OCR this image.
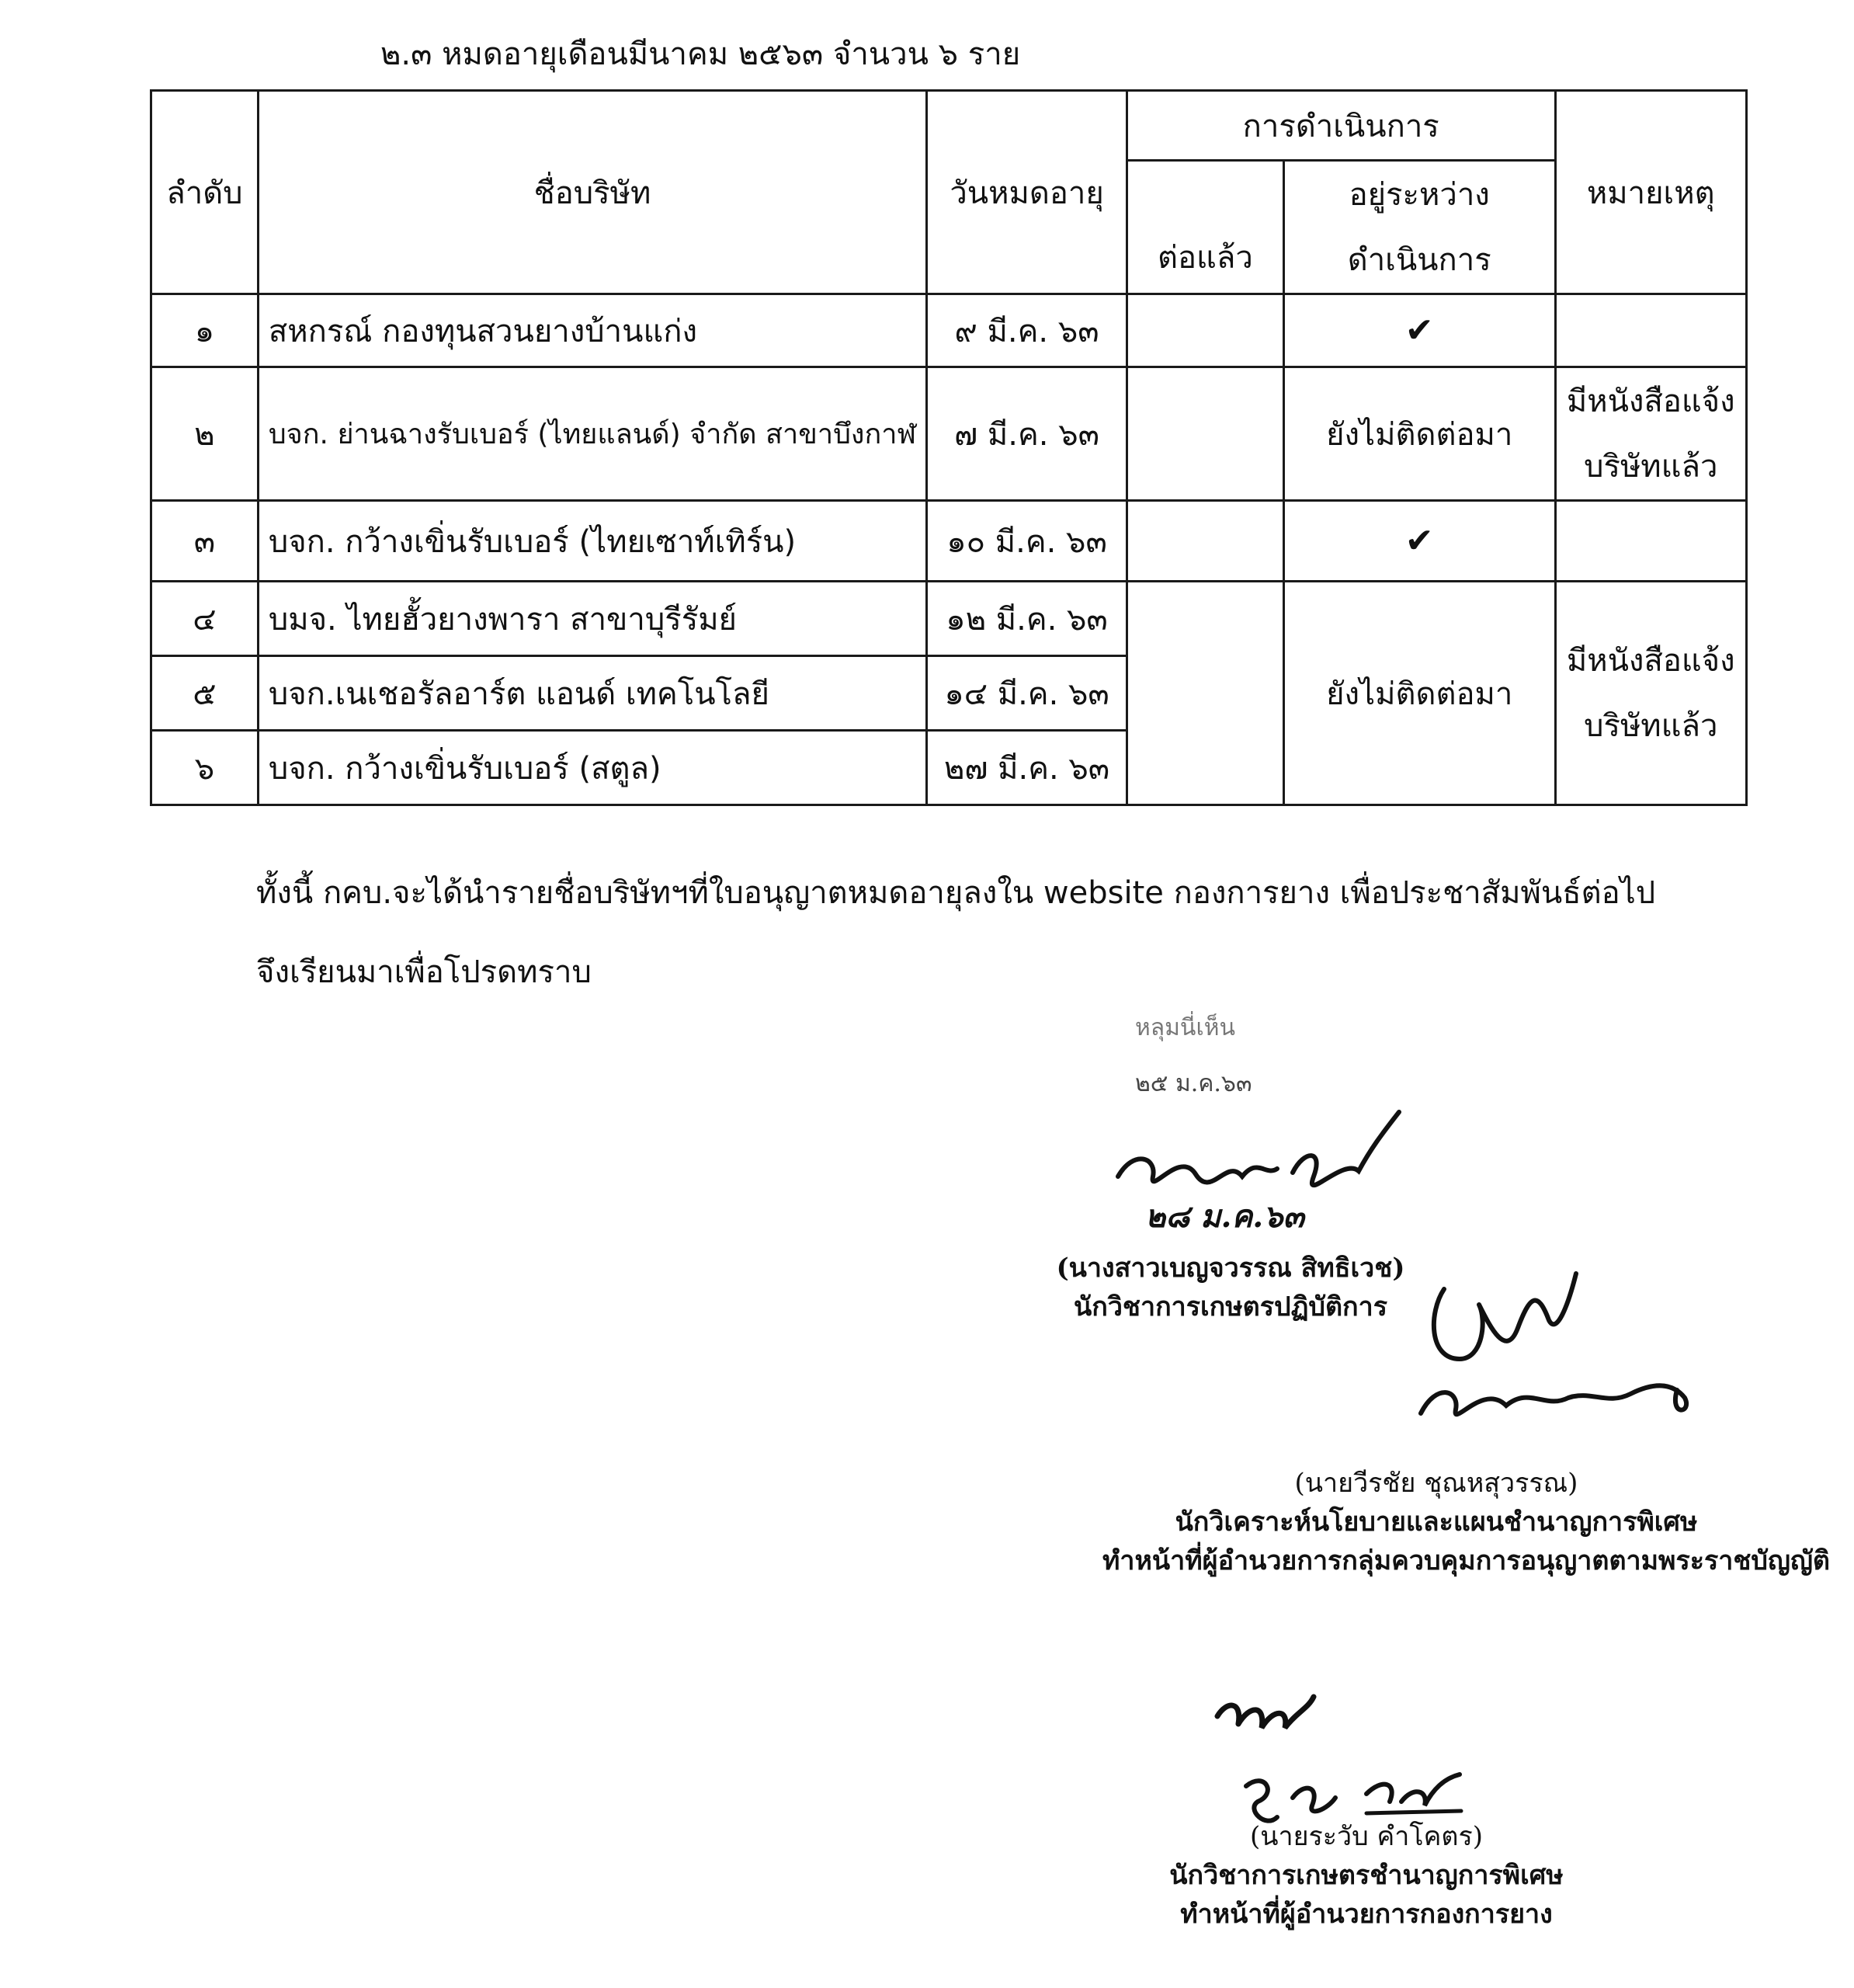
๒.๓ หมดอายุเดือนมีนาคม ๒๕๖๓ จำนวน ๖ ราย
ลำดับ	ชื่อบริษัท	วันหมดอายุ	การดำเนินการ		หมายเหตุ
			ต่อแล้ว	อยู่ระหว่าง
ดำเนินการ	

๑	สหกรณ์ กองทุนสวนยางบ้านแก่ง	๙ มี.ค. ๖๓		✔	
๒	บจก. ย่านฉางรับเบอร์ (ไทยแลนด์) จำกัด สาขาบึงกาฬ	๗ มี.ค. ๖๓		ยังไม่ติดต่อมา	มีหนังสือแจ้ง
บริษัทแล้ว

๓	บจก. กว้างเขิ่นรับเบอร์ (ไทยเซาท์เทิร์น)	๑๐ มี.ค. ๖๓		✔	
๔	บมจ. ไทยฮั้วยางพารา สาขาบุรีรัมย์	๑๒ มี.ค. ๖๓		ยังไม่ติดต่อมา	มีหนังสือแจ้ง
บริษัทแล้ว

๕	บจก.เนเชอรัลอาร์ต แอนด์ เทคโนโลยี	๑๔ มี.ค. ๖๓			
๖	บจก. กว้างเขิ่นรับเบอร์ (สตูล)	๒๗ มี.ค. ๖๓			
ทั้งนี้ กคบ.จะได้นำรายชื่อบริษัทฯที่ใบอนุญาตหมดอายุลงใน website กองการยาง เพื่อประชาสัมพันธ์ต่อไป
จึงเรียนมาเพื่อโปรดทราบ
หลุมนี่เห็น
๒๕ ม.ค.๖๓
๒๘ ม.ค.๖๓
(นางสาวเบญจวรรณ สิทธิเวช)
นักวิชาการเกษตรปฏิบัติการ
(นายวีรชัย ชุณหสุวรรณ)
นักวิเคราะห์นโยบายและแผนชำนาญการพิเศษ
ทำหน้าที่ผู้อำนวยการกลุ่มควบคุมการอนุญาตตามพระราชบัญญัติ
(นายระวับ คำโคตร)
นักวิชาการเกษตรชำนาญการพิเศษ
ทำหน้าที่ผู้อำนวยการกองการยาง
